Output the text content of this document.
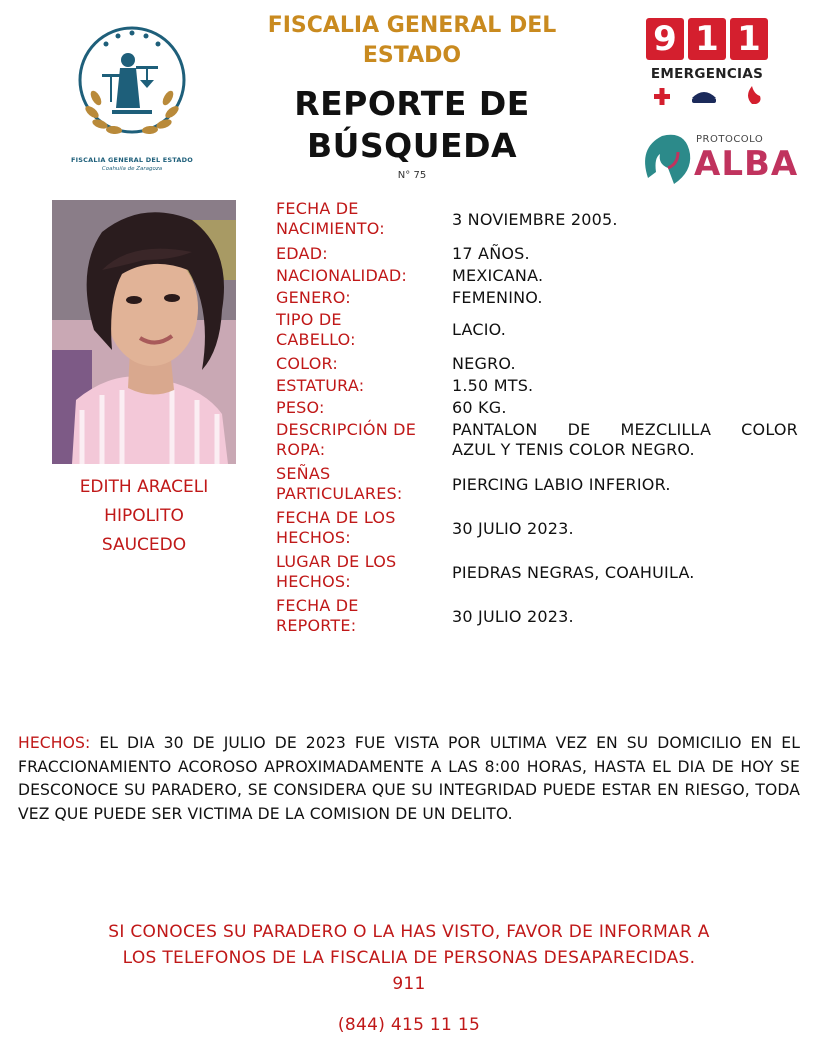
FISCALIA GENERAL DEL ESTADO
Coahuila de Zaragoza
FISCALIA GENERAL DEL
ESTADO
REPORTE DE
BÚSQUEDA
N° 75
9 1 1
EMERGENCIAS
PROTOCOLO
ALBA
EDITH ARACELI
HIPOLITO
SAUCEDO
FECHA DE
NACIMIENTO:	3 NOVIEMBRE 2005.
EDAD:	17 AÑOS.
NACIONALIDAD:	MEXICANA.
GENERO:	FEMENINO.
TIPO DE
CABELLO:
LACIO.
COLOR:	NEGRO.
ESTATURA:	1.50 MTS.
PESO:	60 KG.
DESCRIPCIÓN DE
ROPA:
PANTALON DE MEZCLILLA COLOR
AZUL Y TENIS COLOR NEGRO.
SEÑAS
PARTICULARES:	PIERCING LABIO INFERIOR.
FECHA DE LOS
HECHOS:	30 JULIO 2023.
LUGAR DE LOS
HECHOS:	PIEDRAS NEGRAS, COAHUILA.
FECHA DE
REPORTE:	30 JULIO 2023.
HECHOS: EL DIA 30 DE JULIO DE 2023 FUE VISTA POR ULTIMA VEZ EN SU DOMICILIO EN EL FRACCIONAMIENTO ACOROSO APROXIMADAMENTE A LAS 8:00 HORAS, HASTA EL DIA DE HOY SE DESCONOCE SU PARADERO, SE CONSIDERA QUE SU INTEGRIDAD PUEDE ESTAR EN RIESGO, TODA VEZ QUE PUEDE SER VICTIMA DE LA COMISION DE UN DELITO.
SI CONOCES SU PARADERO O LA HAS VISTO, FAVOR DE INFORMAR A
LOS TELEFONOS DE LA FISCALIA DE PERSONAS DESAPARECIDAS.
911
(844) 415 11 15
